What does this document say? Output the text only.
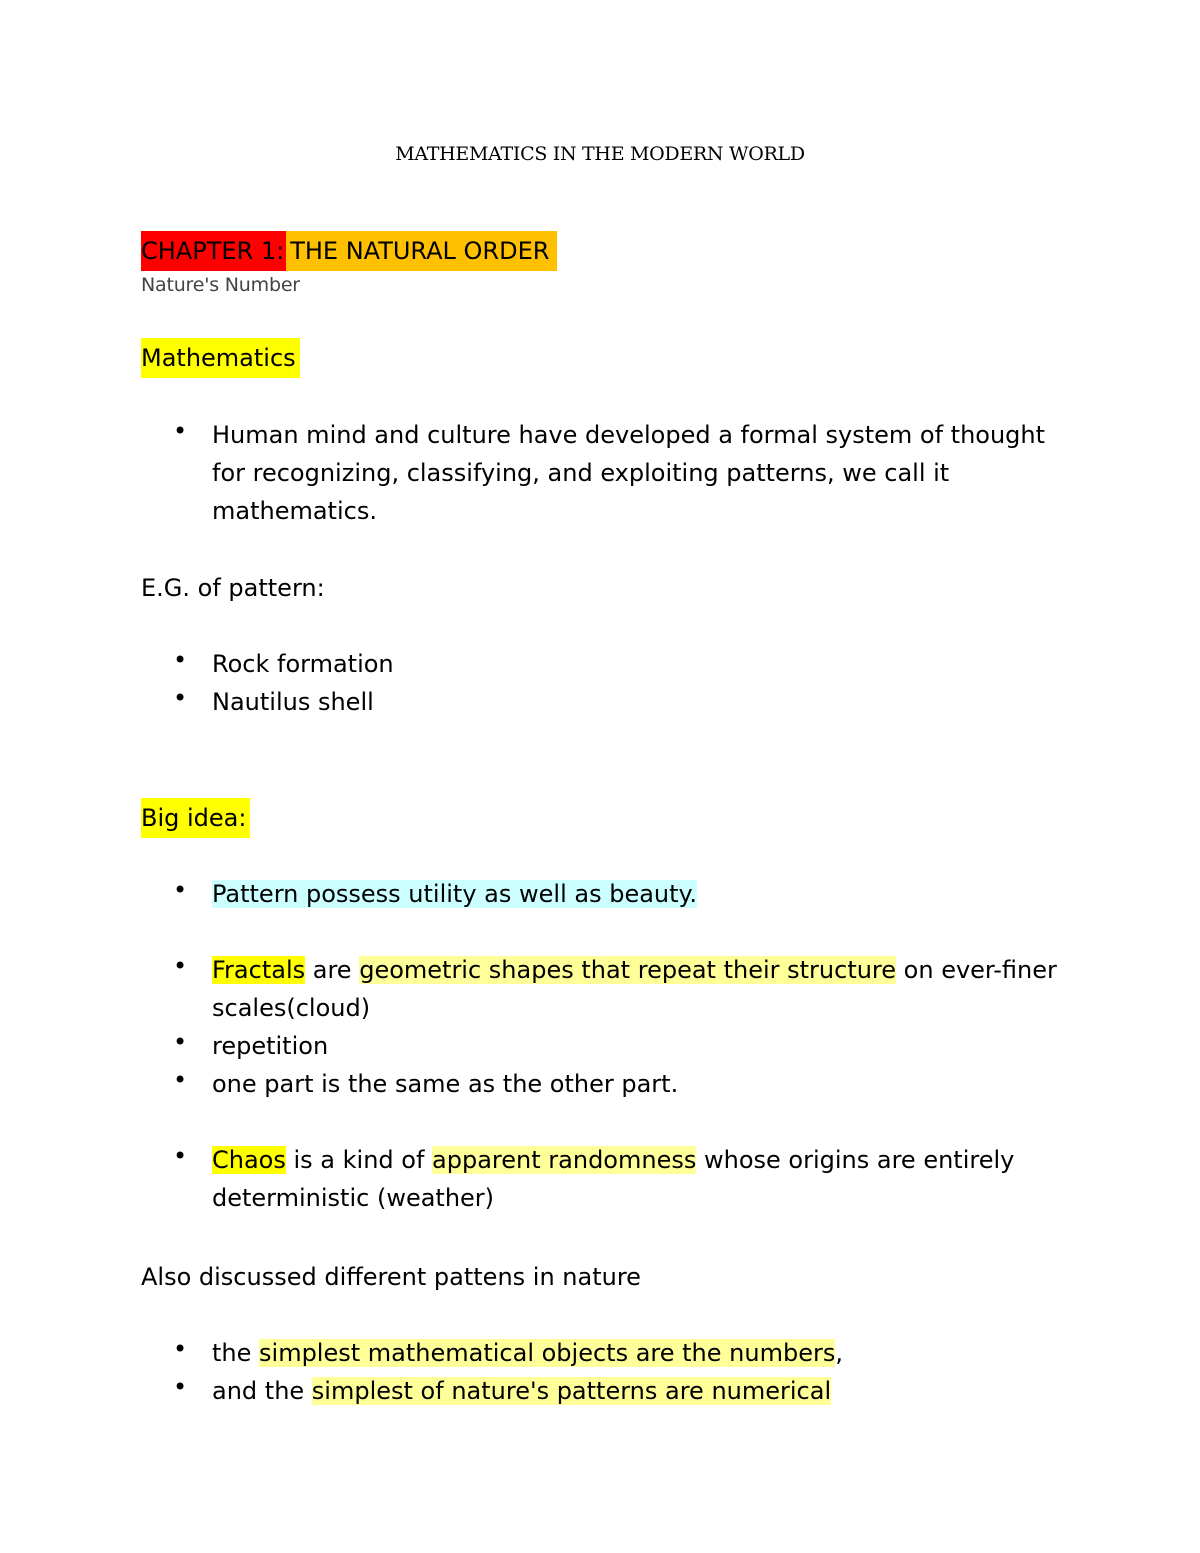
MATHEMATICS IN THE MODERN WORLD
CHAPTER 1: THE NATURAL ORDER
Nature's Number
Mathematics
• Human mind and culture have developed a formal system of thought for recognizing, classifying, and exploiting patterns, we call it mathematics.
E.G. of pattern:
• Rock formation
• Nautilus shell
Big idea:
• Pattern possess utility as well as beauty.
• Fractals are geometric shapes that repeat their structure on ever-finer scales(cloud)
• repetition
• one part is the same as the other part.
• Chaos is a kind of apparent randomness whose origins are entirely deterministic (weather)
Also discussed different pattens in nature
• the simplest mathematical objects are the numbers,
• and the simplest of nature's patterns are numerical
